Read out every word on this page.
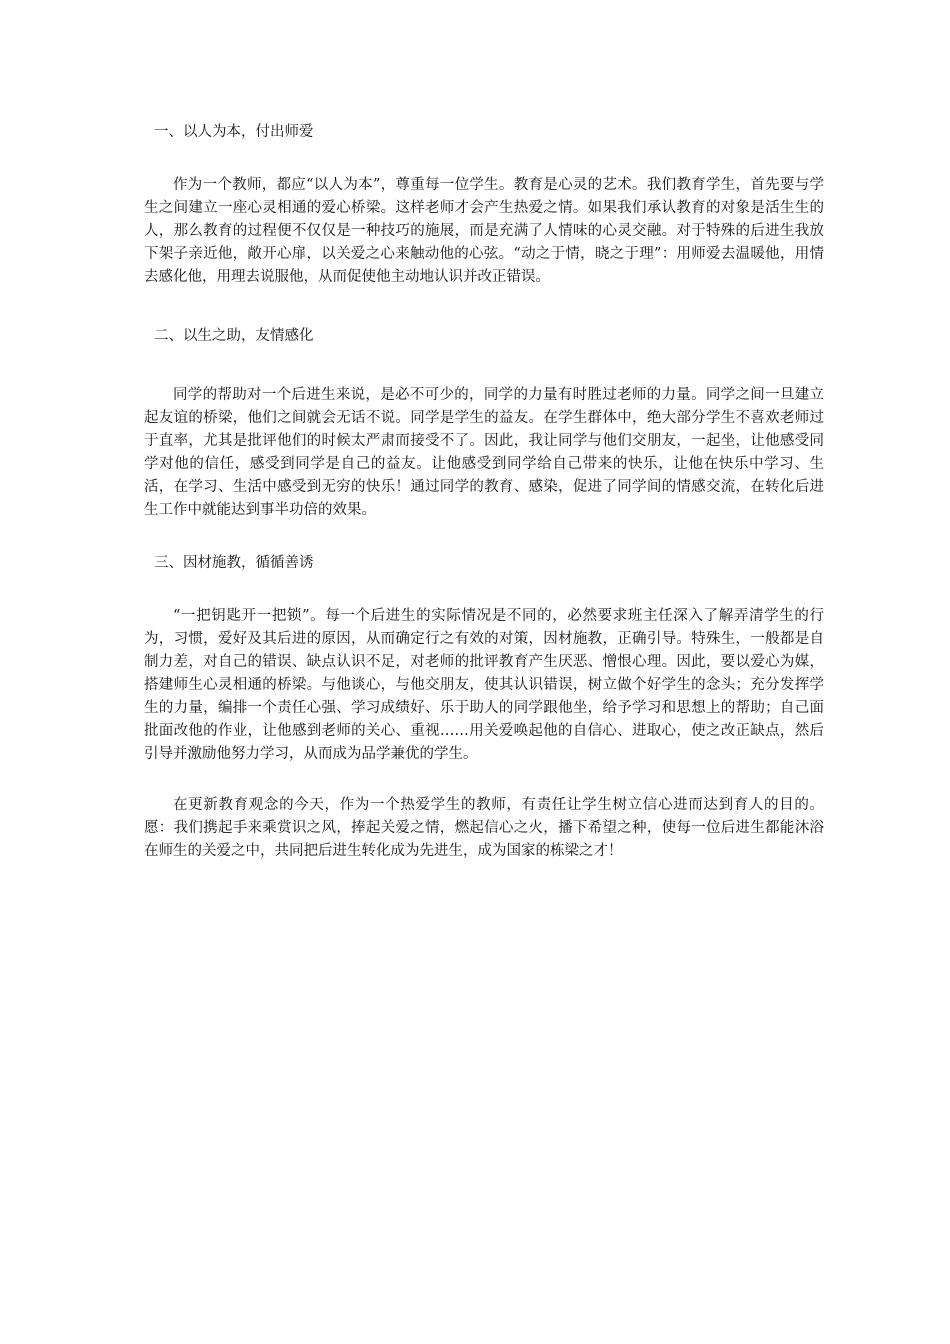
一、以人为本，付出师爱

作为一个教师，都应“以人为本”，尊重每一位学生。教育是心灵的艺术。我们教育学生，首先要与学生之间建立一座心灵相通的爱心桥梁。这样老师才会产生热爱之情。如果我们承认教育的对象是活生生的人，那么教育的过程便不仅仅是一种技巧的施展，而是充满了人情味的心灵交融。对于特殊的后进生我放下架子亲近他，敞开心扉，以关爱之心来触动他的心弦。“动之于情，晓之于理”：用师爱去温暖他，用情去感化他，用理去说服他，从而促使他主动地认识并改正错误。

二、以生之助，友情感化

同学的帮助对一个后进生来说，是必不可少的，同学的力量有时胜过老师的力量。同学之间一旦建立起友谊的桥梁，他们之间就会无话不说。同学是学生的益友。在学生群体中，绝大部分学生不喜欢老师过于直率，尤其是批评他们的时候太严肃而接受不了。因此，我让同学与他们交朋友，一起坐，让他感受同学对他的信任，感受到同学是自己的益友。让他感受到同学给自己带来的快乐，让他在快乐中学习、生活，在学习、生活中感受到无穷的快乐！通过同学的教育、感染，促进了同学间的情感交流，在转化后进生工作中就能达到事半功倍的效果。

三、因材施教，循循善诱

“一把钥匙开一把锁”。每一个后进生的实际情况是不同的，必然要求班主任深入了解弄清学生的行为，习惯，爱好及其后进的原因，从而确定行之有效的对策，因材施教，正确引导。特殊生，一般都是自制力差，对自己的错误、缺点认识不足，对老师的批评教育产生厌恶、憎恨心理。因此，要以爱心为媒，搭建师生心灵相通的桥梁。与他谈心，与他交朋友，使其认识错误，树立做个好学生的念头；充分发挥学生的力量，编排一个责任心强、学习成绩好、乐于助人的同学跟他坐，给予学习和思想上的帮助；自己面批面改他的作业，让他感到老师的关心、重视……用关爱唤起他的自信心、进取心，使之改正缺点，然后引导并激励他努力学习，从而成为品学兼优的学生。

在更新教育观念的今天，作为一个热爱学生的教师，有责任让学生树立信心进而达到育人的目的。愿：我们携起手来乘赏识之风，捧起关爱之情，燃起信心之火，播下希望之种，使每一位后进生都能沐浴在师生的关爱之中，共同把后进生转化成为先进生，成为国家的栋梁之才！
